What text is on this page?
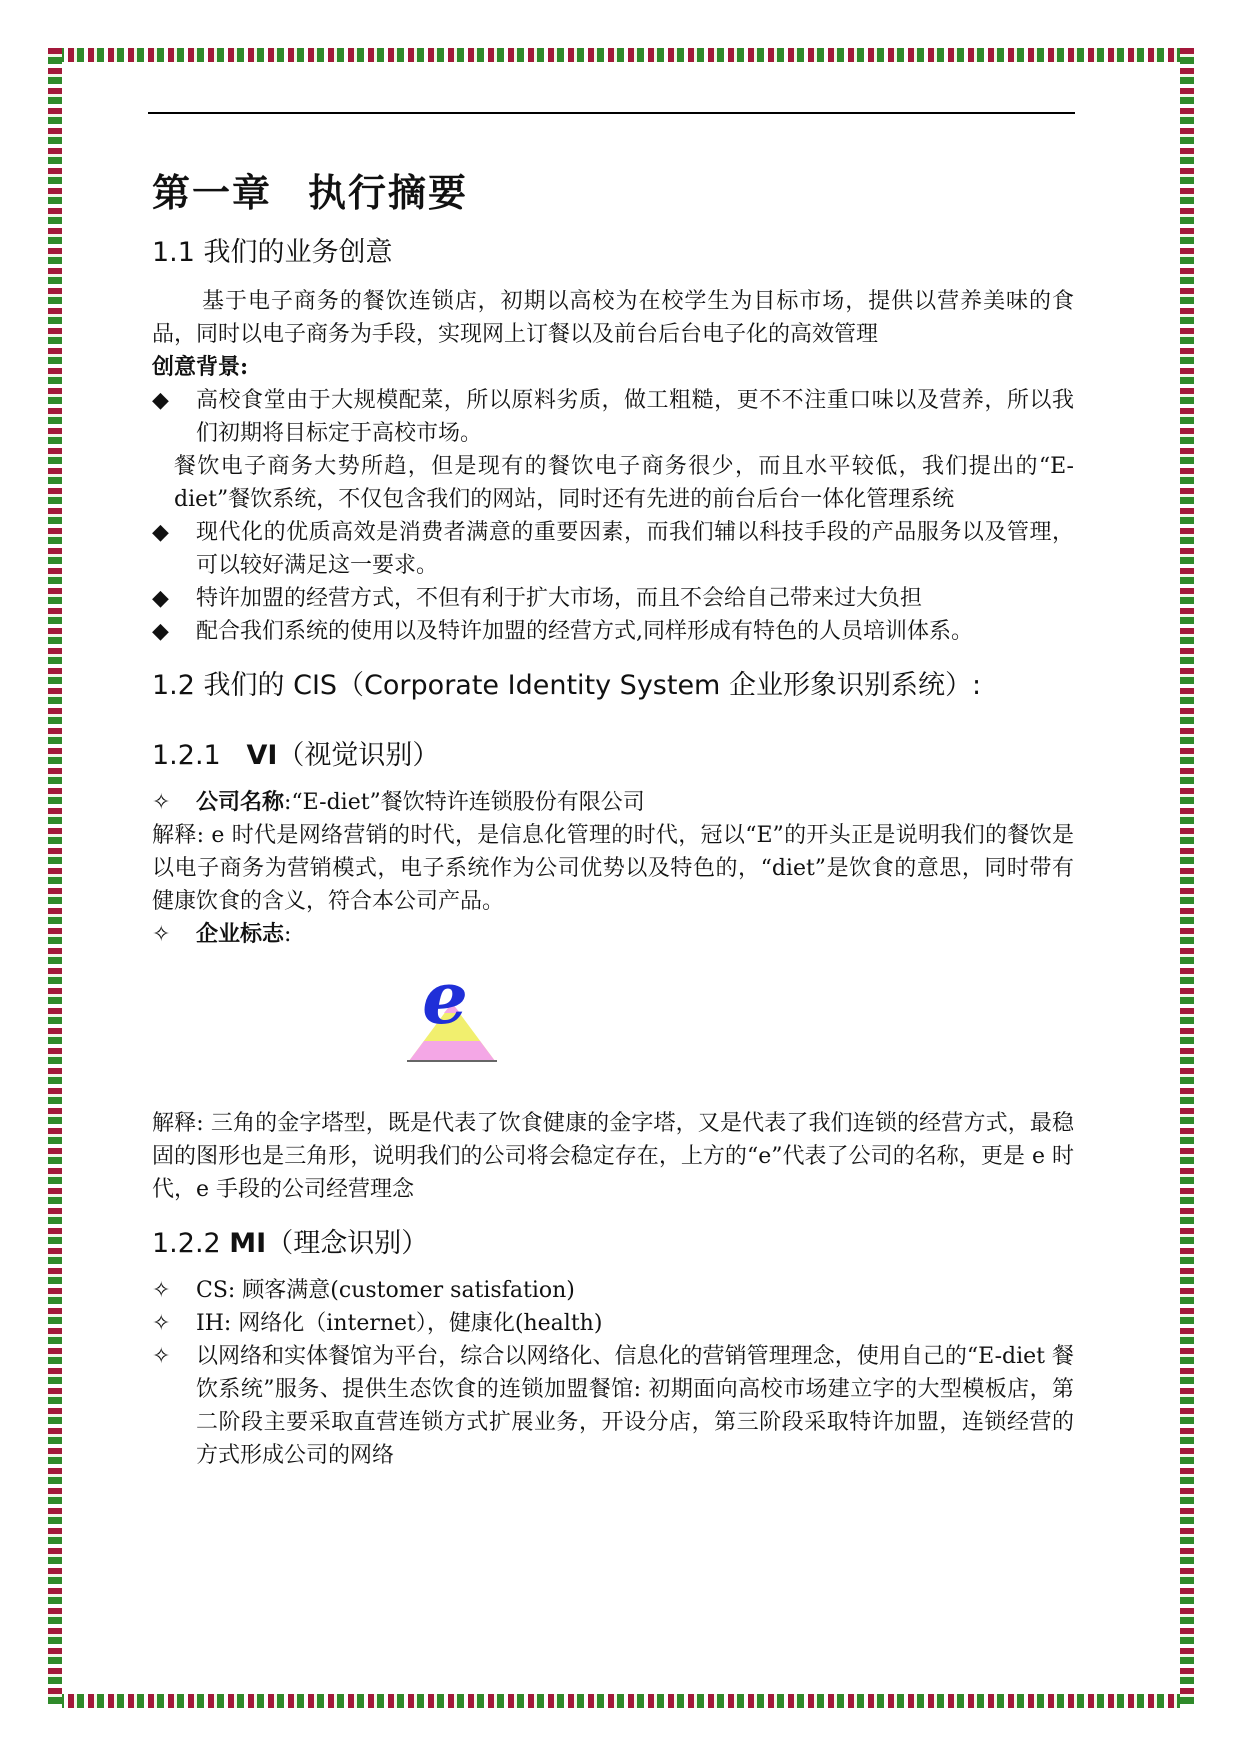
第一章 执行摘要
1.1 我们的业务创意

基于电子商务的餐饮连锁店，初期以高校为在校学生为目标市场，提供以营养美味的食品，同时以电子商务为手段，实现网上订餐以及前台后台电子化的高效管理

创意背景:

◆	高校食堂由于大规模配菜，所以原料劣质，做工粗糙，更不不注重口味以及营养，所以我们初期将目标定于高校市场。
餐饮电子商务大势所趋，但是现有的餐饮电子商务很少，而且水平较低，我们提出的“E-diet”餐饮系统，不仅包含我们的网站，同时还有先进的前台后台一体化管理系统
◆	现代化的优质高效是消费者满意的重要因素，而我们辅以科技手段的产品服务以及管理，可以较好满足这一要求。
◆	特许加盟的经营方式，不但有利于扩大市场，而且不会给自己带来过大负担
◆	配合我们系统的使用以及特许加盟的经营方式,同样形成有特色的人员培训体系。
1.2 我们的 CIS（Corporate Identity System 企业形象识别系统）:
1.2.1 VI（视觉识别）
✧	公司名称:“E-diet”餐饮特许连锁股份有限公司

解释: e 时代是网络营销的时代，是信息化管理的时代，冠以“E”的开头正是说明我们的餐饮是以电子商务为营销模式，电子系统作为公司优势以及特色的，“diet”是饮食的意思，同时带有健康饮食的含义，符合本公司产品。

✧	企业标志:
e

解释: 三角的金字塔型，既是代表了饮食健康的金字塔，又是代表了我们连锁的经营方式，最稳固的图形也是三角形，说明我们的公司将会稳定存在，上方的“e”代表了公司的名称，更是 e 时代，e 手段的公司经营理念

1.2.2 MI（理念识别）
✧	CS: 顾客满意(customer satisfation)
✧	IH: 网络化（internet），健康化(health)
✧	以网络和实体餐馆为平台，综合以网络化、信息化的营销管理理念，使用自己的“E-diet 餐饮系统”服务、提供生态饮食的连锁加盟餐馆: 初期面向高校市场建立字的大型模板店，第二阶段主要采取直营连锁方式扩展业务，开设分店，第三阶段采取特许加盟，连锁经营的方式形成公司的网络
